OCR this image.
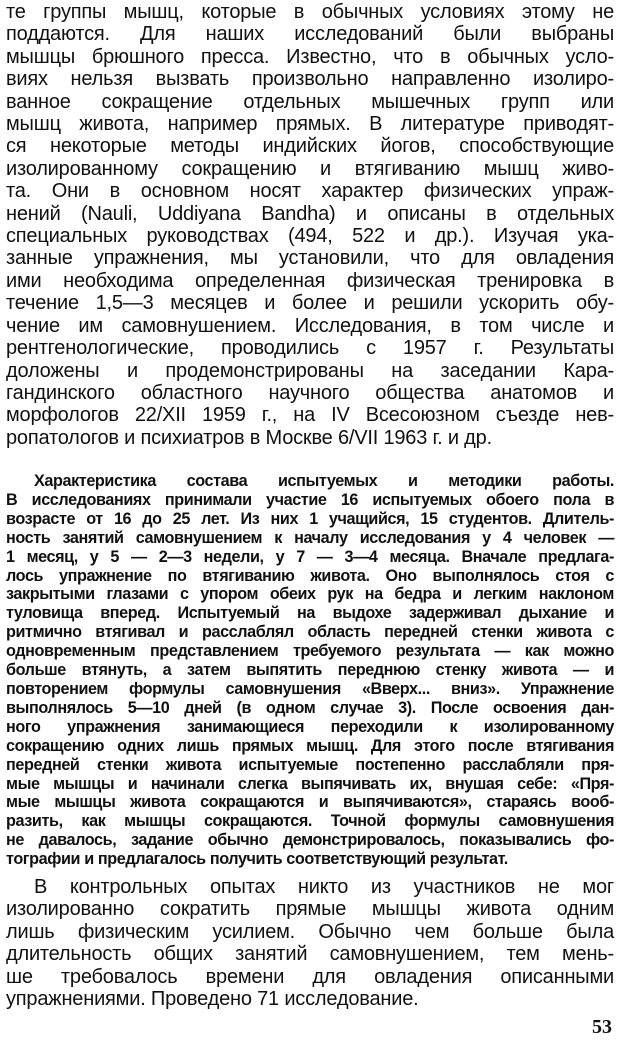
те группы мышц, которые в обычных условиях этому не
поддаются. Для наших исследований были выбраны
мышцы брюшного пресса. Известно, что в обычных усло-
виях нельзя вызвать произвольно направленно изолиро-
ванное сокращение отдельных мышечных групп или
мышц живота, например прямых. В литературе приводят-
ся некоторые методы индийских йогов, способствующие
изолированному сокращению и втягиванию мышц живо-
та. Они в основном носят характер физических упраж-
нений (Nauli, Uddiyana Bandha) и описаны в отдельных
специальных руководствах (494, 522 и др.). Изучая ука-
занные упражнения, мы установили, что для овладения
ими необходима определенная физическая тренировка в
течение 1,5—3 месяцев и более и решили ускорить обу-
чение им самовнушением. Исследования, в том числе и
рентгенологические, проводились с 1957 г. Результаты
доложены и продемонстрированы на заседании Кара-
гандинского областного научного общества анатомов и
морфологов 22/XII 1959 г., на IV Всесоюзном съезде нев-
ропатологов и психиатров в Москве 6/VII 1963 г. и др.
Характеристика состава испытуемых и методики работы.
В исследованиях принимали участие 16 испытуемых обоего пола в
возрасте от 16 до 25 лет. Из них 1 учащийся, 15 студентов. Длитель-
ность занятий самовнушением к началу исследования у 4 человек —
1 месяц, у 5 — 2—3 недели, у 7 — 3—4 месяца. Вначале предлага-
лось упражнение по втягиванию живота. Оно выполнялось стоя с
закрытыми глазами с упором обеих рук на бедра и легким наклоном
туловища вперед. Испытуемый на выдохе задерживал дыхание и
ритмично втягивал и расслаблял область передней стенки живота с
одновременным представлением требуемого результата — как можно
больше втянуть, а затем выпятить переднюю стенку живота — и
повторением формулы самовнушения «Вверх... вниз». Упражнение
выполнялось 5—10 дней (в одном случае 3). После освоения дан-
ного упражнения занимающиеся переходили к изолированному
сокращению одних лишь прямых мышц. Для этого после втягивания
передней стенки живота испытуемые постепенно расслабляли пря-
мые мышцы и начинали слегка выпячивать их, внушая себе: «Пря-
мые мышцы живота сокращаются и выпячиваются», стараясь вооб-
разить, как мышцы сокращаются. Точной формулы самовнушения
не давалось, задание обычно демонстрировалось, показывались фо-
тографии и предлагалось получить соответствующий результат.
В контрольных опытах никто из участников не мог
изолированно сократить прямые мышцы живота одним
лишь физическим усилием. Обычно чем больше была
длительность общих занятий самовнушением, тем мень-
ше требовалось времени для овладения описанными
упражнениями. Проведено 71 исследование.
53
